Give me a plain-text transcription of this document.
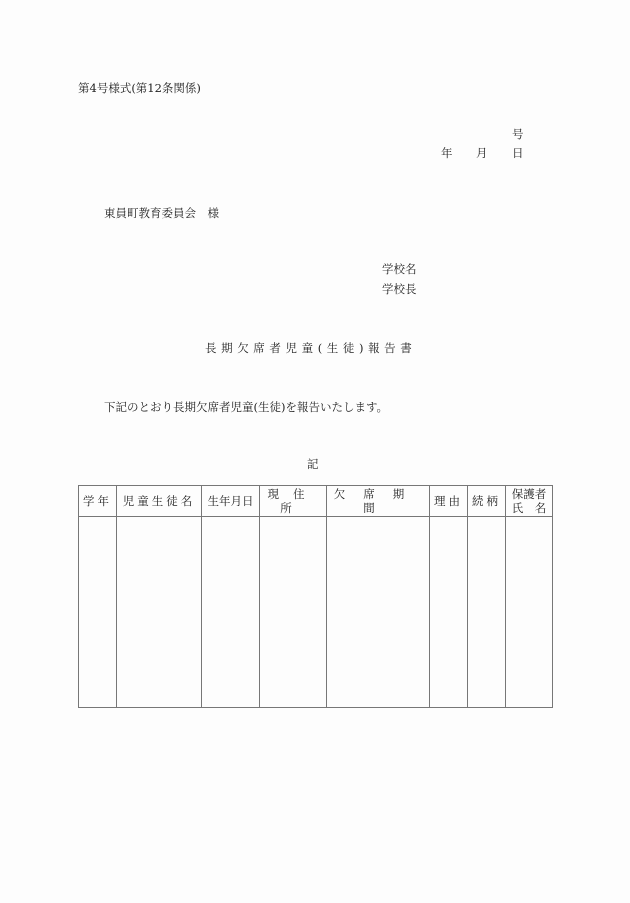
第4号様式(第12条関係)
号
年 月 日
東員町教育委員会　様
学校名
学校長
長期欠席者児童(生徒)報告書
下記のとおり長期欠席者児童(生徒)を報告いたします。
記
学年	児童生徒名	生年月日	現住所	欠席期間	理由	続柄	保護者
氏　名
